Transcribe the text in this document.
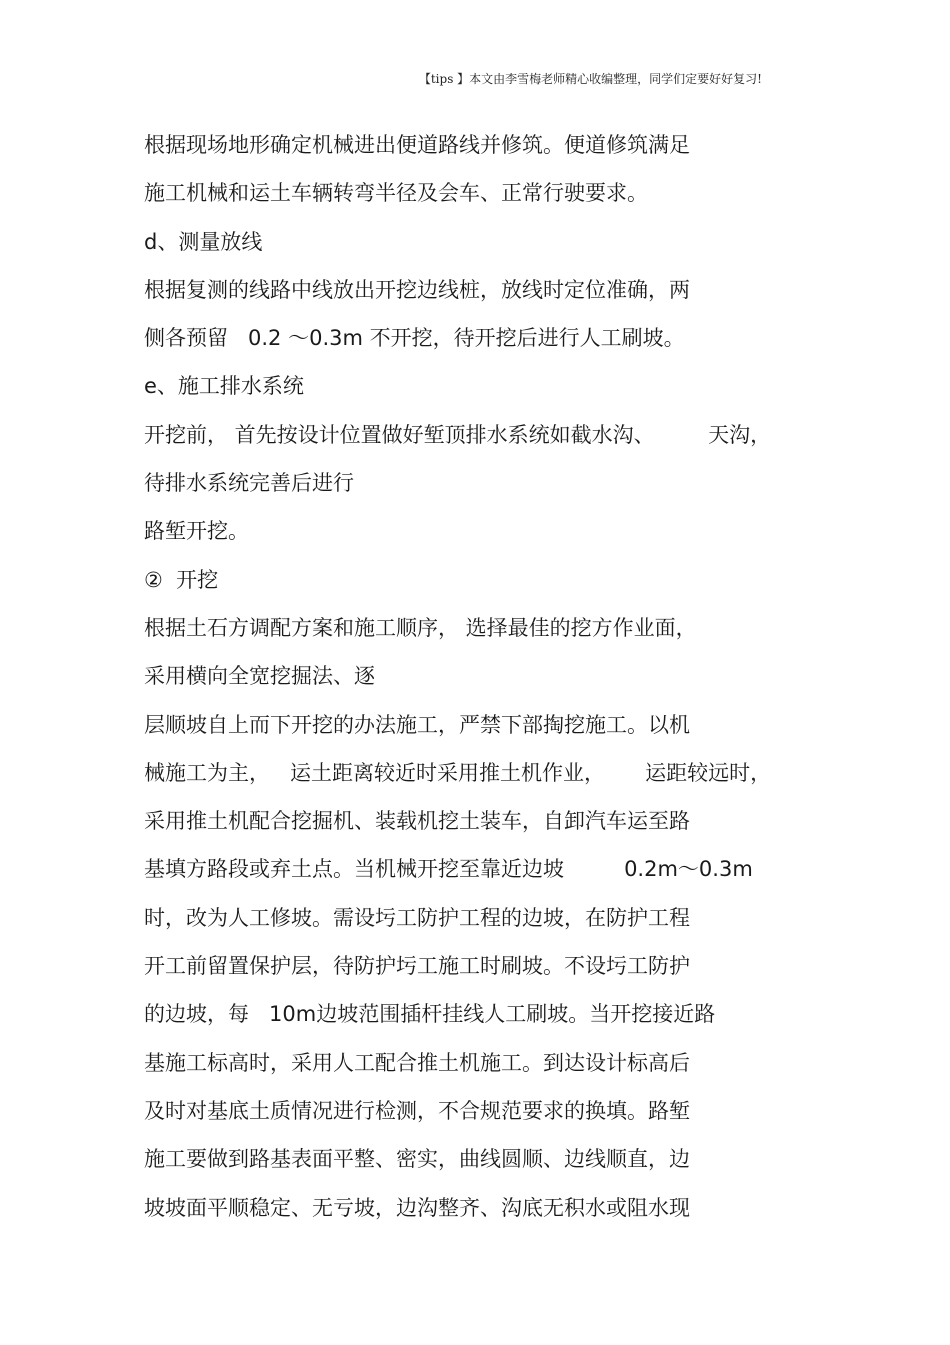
【tips 】本文由李雪梅老师精心收编整理，同学们定要好好复习!
根据现场地形确定机械进出便道路线并修筑。便道修筑满足
施工机械和运土车辆转弯半径及会车、正常行驶要求。
d、测量放线
根据复测的线路中线放出开挖边线桩，放线时定位准确，两
侧各预留   0.2 ～0.3m 不开挖，待开挖后进行人工刷坡。
e、施工排水系统
开挖前， 首先按设计位置做好堑顶排水系统如截水沟、        天沟，
待排水系统完善后进行
路堑开挖。
②  开挖
根据土石方调配方案和施工顺序， 选择最佳的挖方作业面，
采用横向全宽挖掘法、逐
层顺坡自上而下开挖的办法施工，严禁下部掏挖施工。以机
械施工为主，   运土距离较近时采用推土机作业，      运距较远时，
采用推土机配合挖掘机、装载机挖土装车，自卸汽车运至路
基填方路段或弃土点。当机械开挖至靠近边坡         0.2m～0.3m
时，改为人工修坡。需设圬工防护工程的边坡，在防护工程
开工前留置保护层，待防护圬工施工时刷坡。不设圬工防护
的边坡，每   10m边坡范围插杆挂线人工刷坡。当开挖接近路
基施工标高时，采用人工配合推土机施工。到达设计标高后
及时对基底土质情况进行检测，不合规范要求的换填。路堑
施工要做到路基表面平整、密实，曲线圆顺、边线顺直，边
坡坡面平顺稳定、无亏坡，边沟整齐、沟底无积水或阻水现
